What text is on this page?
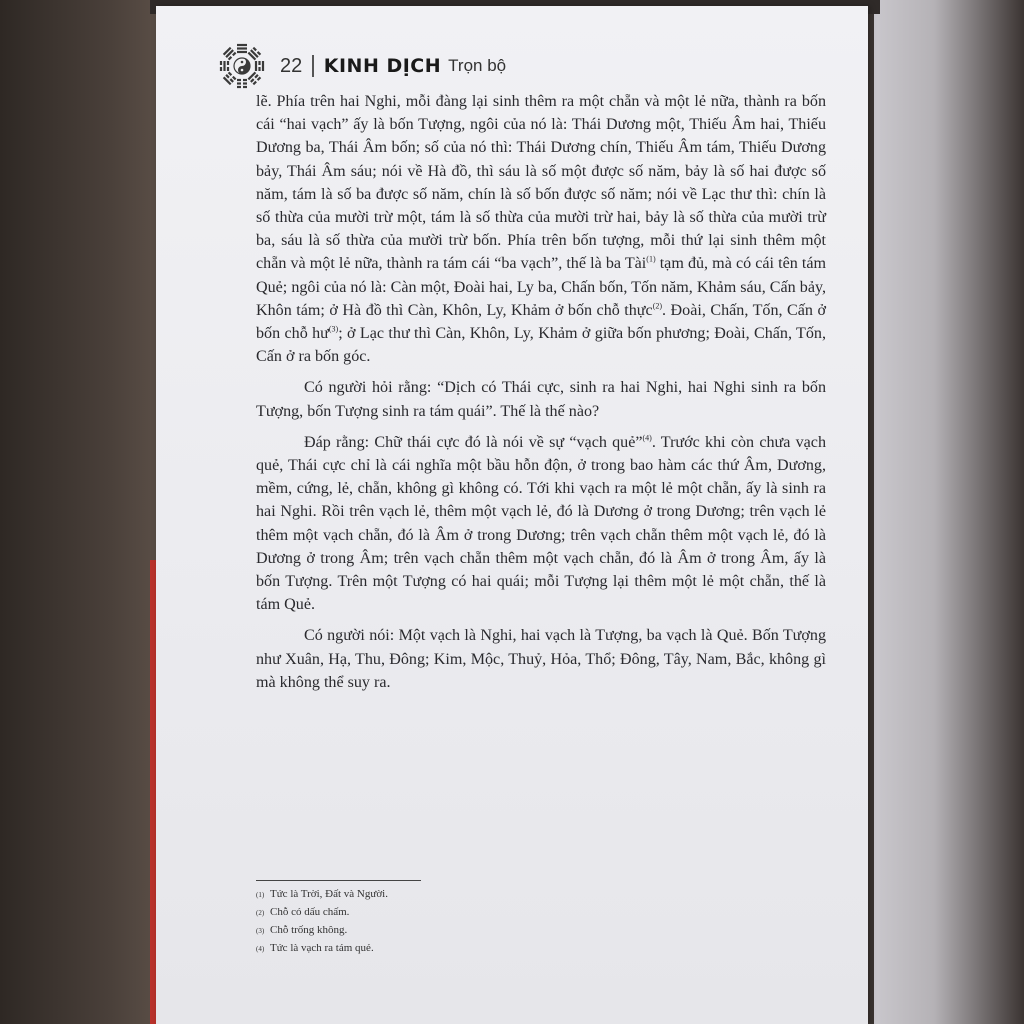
22 KINH DỊCH Trọn bộ

lẽ. Phía trên hai Nghi, mỗi đàng lại sinh thêm ra một chẵn và một lẻ nữa, thành ra bốn cái “hai vạch” ấy là bốn Tượng, ngôi của nó là: Thái Dương một, Thiếu Âm hai, Thiếu Dương ba, Thái Âm bốn; số của nó thì: Thái Dương chín, Thiếu Âm tám, Thiếu Dương bảy, Thái Âm sáu; nói về Hà đồ, thì sáu là số một được số năm, bảy là số hai được số năm, tám là số ba được số năm, chín là số bốn được số năm; nói về Lạc thư thì: chín là số thừa của mười trừ một, tám là số thừa của mười trừ hai, bảy là số thừa của mười trừ ba, sáu là số thừa của mười trừ bốn. Phía trên bốn tượng, mỗi thứ lại sinh thêm một chẵn và một lẻ nữa, thành ra tám cái “ba vạch”, thế là ba Tài$^{(1)}$ tạm đủ, mà có cái tên tám Quẻ; ngôi của nó là: Càn một, Đoài hai, Ly ba, Chấn bốn, Tốn năm, Khảm sáu, Cấn bảy, Khôn tám; ở Hà đồ thì Càn, Khôn, Ly, Khảm ở bốn chỗ thực$^{(2)}$. Đoài, Chấn, Tốn, Cấn ở bốn chỗ $hư^{(3)}$; ở Lạc thư thì Càn, Khôn, Ly, Khảm ở giữa bốn phương; Đoài, Chấn, Tốn, Cấn ở ra bốn góc.

Có người hỏi rằng: “Dịch có Thái cực, sinh ra hai Nghi, hai Nghi sinh ra bốn Tượng, bốn Tượng sinh ra tám quái”. Thế là thế nào?

Đáp rằng: Chữ thái cực đó là nói về sự “vạch quẻ”$^{(4)}$. Trước khi còn chưa vạch quẻ, Thái cực chỉ là cái nghĩa một bầu hỗn độn, ở trong bao hàm các thứ Âm, Dương, mềm, cứng, lẻ, chẵn, không gì không có. Tới khi vạch ra một lẻ một chẵn, ấy là sinh ra hai Nghi. Rồi trên vạch lẻ, thêm một vạch lẻ, đó là Dương ở trong Dương; trên vạch lẻ thêm một vạch chẵn, đó là Âm ở trong Dương; trên vạch chẵn thêm một vạch lẻ, đó là Dương ở trong Âm; trên vạch chẵn thêm một vạch chẵn, đó là Âm ở trong Âm, ấy là bốn Tượng. Trên một Tượng có hai quái; mỗi Tượng lại thêm một lẻ một chẵn, thế là tám Quẻ.

Có người nói: Một vạch là Nghi, hai vạch là Tượng, ba vạch là Quẻ. Bốn Tượng như Xuân, Hạ, Thu, Đông; Kim, Mộc, Thuỷ, Hỏa, Thổ; Đông, Tây, Nam, Bắc, không gì mà không thể suy ra.

(1) Tức là Trời, Đất và Người.
(2) Chỗ có dấu chấm.
(3) Chỗ trống không.
(4) Tức là vạch ra tám quẻ.
